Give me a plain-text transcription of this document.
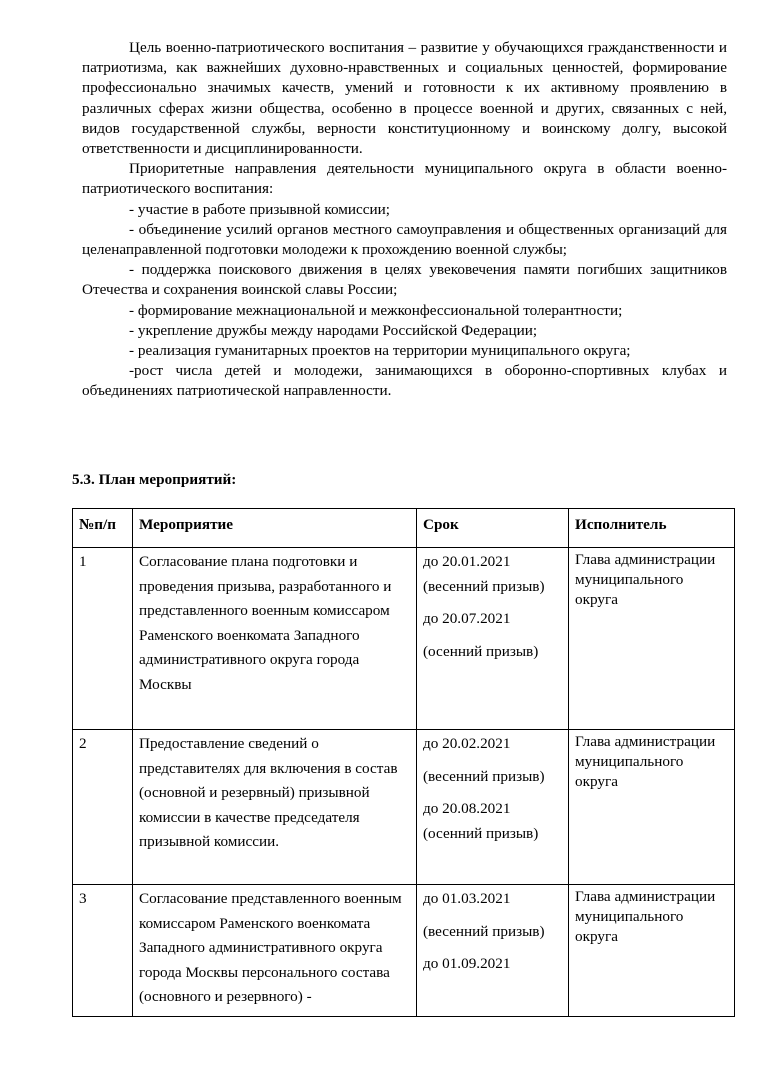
Цель военно-патриотического воспитания – развитие у обучающихся гражданственности и патриотизма, как важнейших духовно-нравственных и социальных ценностей, формирование профессионально значимых качеств, умений и готовности к их активному проявлению в различных сферах жизни общества, особенно в процессе военной и других, связанных с ней, видов государственной службы, верности конституционному и воинскому долгу, высокой ответственности и дисциплинированности.

Приоритетные направления деятельности муниципального округа в области военно-патриотического воспитания:

- участие в работе призывной комиссии;

- объединение усилий органов местного самоуправления и общественных организаций для целенаправленной подготовки молодежи к прохождению военной службы;

- поддержка поискового движения в целях увековечения памяти погибших защитников Отечества и сохранения воинской славы России;

- формирование межнациональной и межконфессиональной толерантности;

- укрепление дружбы между народами Российской Федерации;

- реализация гуманитарных проектов на территории муниципального округа;

-рост числа детей и молодежи, занимающихся в оборонно-спортивных клубах и объединениях патриотической направленности.

5.3. План мероприятий:

№п/п	Мероприятие	Срок	Исполнитель
1	Согласование плана подготовки и проведения призыва, разработанного и представленного военным комиссаром Раменского военкомата Западного административного округа города Москвы	до 20.01.2021
(весенний призыв)
до 20.07.2021
(осенний призыв)	Глава администрации муниципального округа

2	Предоставление сведений о представителях для включения в состав (основной и резервный) призывной комиссии в качестве председателя призывной комиссии.	до 20.02.2021
(весенний призыв)
до 20.08.2021
(осенний призыв)	Глава администрации муниципального округа

3	Согласование представленного военным комиссаром Раменского военкомата Западного административного округа города Москвы персонального состава (основного и резервного) -	до 01.03.2021
(весенний призыв)
до 01.09.2021	Глава администрации муниципального округа
